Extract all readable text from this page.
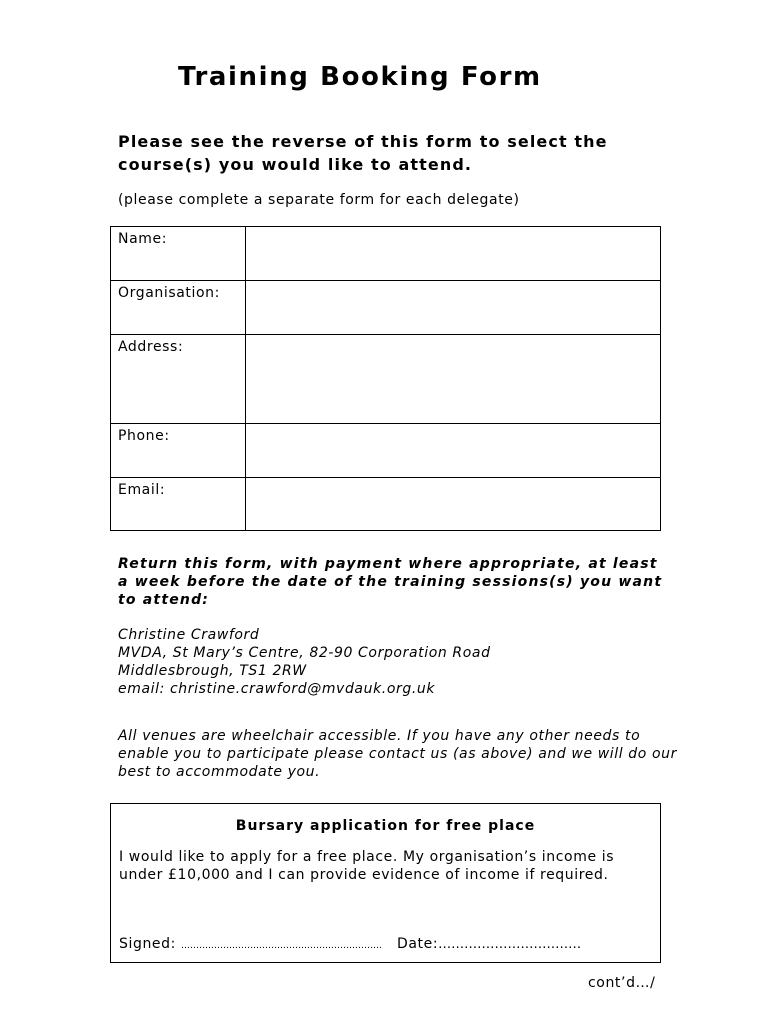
Training Booking Form
Please see the reverse of this form to select the course(s) you would like to attend.
(please complete a separate form for each delegate)
Name:	
Organisation:	
Address:	
Phone:	
Email:	
Return this form, with payment where appropriate, at least a week before the date of the training sessions(s) you want to attend:
Christine Crawford
MVDA, St Mary’s Centre, 82-90 Corporation Road
Middlesbrough, TS1 2RW
email: christine.crawford@mvdauk.org.uk
All venues are wheelchair accessible. If you have any other needs to enable you to participate please contact us (as above) and we will do our best to accommodate you.
Bursary application for free place
I would like to apply for a free place. My organisation’s income is under £10,000 and I can provide evidence of income if required.
Signed: …………………………………………………………. Date:……………………………
cont’d…/
